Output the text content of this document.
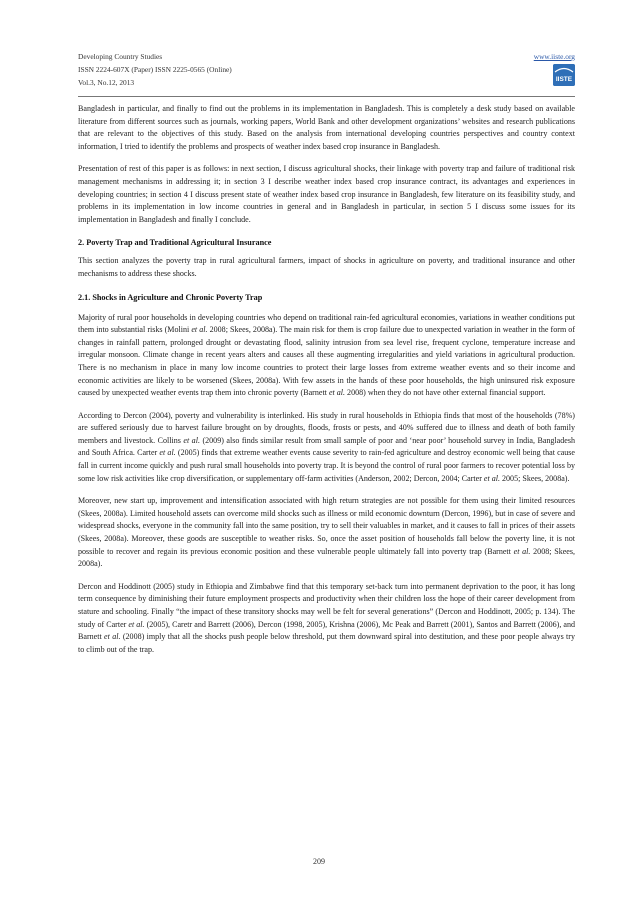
Developing Country Studies
ISSN 2224-607X (Paper) ISSN 2225-0565 (Online)
Vol.3, No.12, 2013
www.iiste.org
IISTE

Bangladesh in particular, and finally to find out the problems in its implementation in Bangladesh. This is completely a desk study based on available literature from different sources such as journals, working papers, World Bank and other development organizations’ websites and research publications that are relevant to the objectives of this study. Based on the analysis from international developing countries perspectives and country context information, I tried to identify the problems and prospects of weather index based crop insurance in Bangladesh.

Presentation of rest of this paper is as follows: in next section, I discuss agricultural shocks, their linkage with poverty trap and failure of traditional risk management mechanisms in addressing it; in section 3 I describe weather index based crop insurance contract, its advantages and experiences in developing countries; in section 4 I discuss present state of weather index based crop insurance in Bangladesh, few literature on its feasibility study, and problems in its implementation in low income countries in general and in Bangladesh in particular, in section 5 I discuss some issues for its implementation in Bangladesh and finally I conclude.

2. Poverty Trap and Traditional Agricultural Insurance

This section analyzes the poverty trap in rural agricultural farmers, impact of shocks in agriculture on poverty, and traditional insurance and other mechanisms to address these shocks.

2.1. Shocks in Agriculture and Chronic Poverty Trap

Majority of rural poor households in developing countries who depend on traditional rain-fed agricultural economies, variations in weather conditions put them into substantial risks (Molini et al. 2008; Skees, 2008a). The main risk for them is crop failure due to unexpected variation in weather in the form of changes in rainfall pattern, prolonged drought or devastating flood, salinity intrusion from sea level rise, frequent cyclone, temperature increase and irregular monsoon. Climate change in recent years alters and causes all these augmenting irregularities and yield variations in agricultural production. There is no mechanism in place in many low income countries to protect their large losses from extreme weather events and so their income and economic activities are likely to be worsened (Skees, 2008a). With few assets in the hands of these poor households, the high uninsured risk exposure caused by unexpected weather events trap them into chronic poverty (Barnett et al. 2008) when they do not have other external financial support.

According to Dercon (2004), poverty and vulnerability is interlinked. His study in rural households in Ethiopia finds that most of the households (78%) are suffered seriously due to harvest failure brought on by droughts, floods, frosts or pests, and 40% suffered due to illness and death of both family members and livestock. Collins et al. (2009) also finds similar result from small sample of poor and ‘near poor’ household survey in India, Bangladesh and South Africa. Carter et al. (2005) finds that extreme weather events cause severity to rain-fed agriculture and destroy economic well being that cause fall in current income quickly and push rural small households into poverty trap. It is beyond the control of rural poor farmers to recover potential loss by some low risk activities like crop diversification, or supplementary off-farm activities (Anderson, 2002; Dercon, 2004; Carter et al. 2005; Skees, 2008a).

Moreover, new start up, improvement and intensification associated with high return strategies are not possible for them using their limited resources (Skees, 2008a). Limited household assets can overcome mild shocks such as illness or mild economic downturn (Dercon, 1996), but in case of severe and widespread shocks, everyone in the community fall into the same position, try to sell their valuables in market, and it causes to fall in prices of their assets (Skees, 2008a). Moreover, these goods are susceptible to weather risks. So, once the asset position of households fall below the poverty line, it is not possible to recover and regain its previous economic position and these vulnerable people ultimately fall into poverty trap (Barnett et al. 2008; Skees, 2008a).

Dercon and Hoddinott (2005) study in Ethiopia and Zimbabwe find that this temporary set-back turn into permanent deprivation to the poor, it has long term consequence by diminishing their future employment prospects and productivity when their children loss the hope of their career development from stature and schooling. Finally “the impact of these transitory shocks may well be felt for several generations” (Dercon and Hoddinott, 2005; p. 134). The study of Carter et al. (2005), Caretr and Barrett (2006), Dercon (1998, 2005), Krishna (2006), Mc Peak and Barrett (2001), Santos and Barrett (2006), and Barnett et al. (2008) imply that all the shocks push people below threshold, put them downward spiral into destitution, and these poor people always try to climb out of the trap.

209
